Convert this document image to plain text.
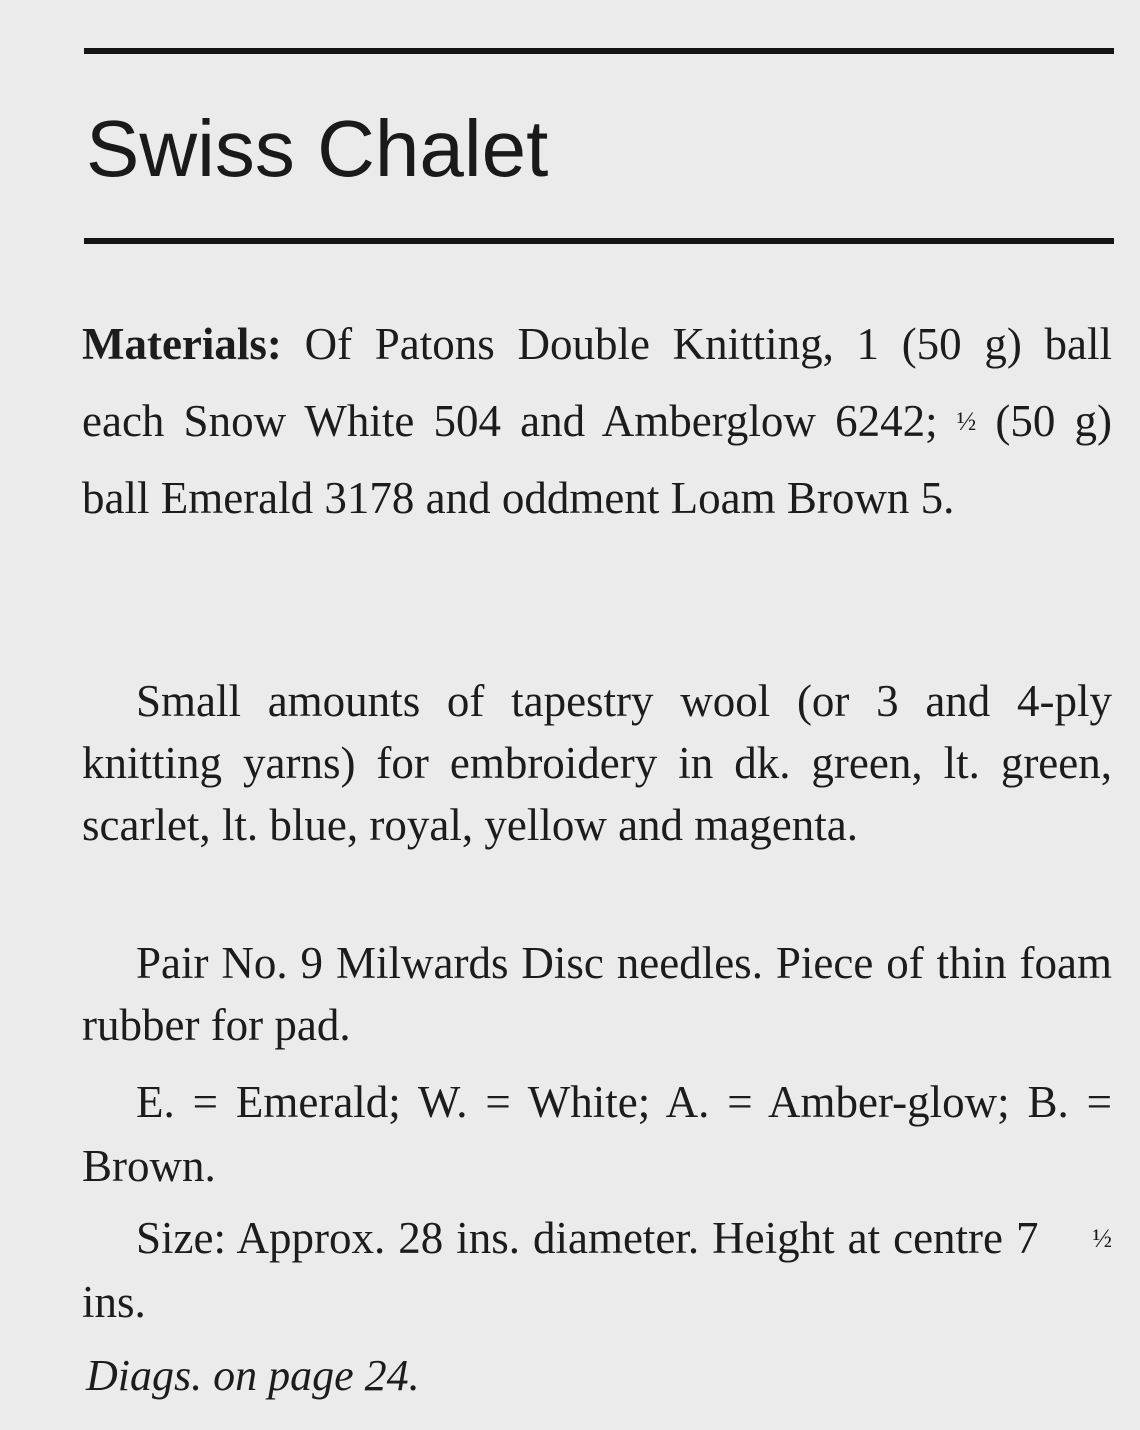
Swiss Chalet

Materials: Of Patons Double Knitting, 1 (50 g) ball each Snow White 504 and Amberglow 6242; ½ (50 g) ball Emerald 3178 and oddment Loam Brown 5.

Small amounts of tapestry wool (or 3 and 4-ply knitting yarns) for embroidery in dk. green, lt. green, scarlet, lt. blue, royal, yellow and magenta.

Pair No. 9 Milwards Disc needles. Piece of thin foam rubber for pad.

E. = Emerald; W. = White; A. = Amber-glow; B. = Brown.

Size: Approx. 28 ins. diameter. Height at centre 7 ½ ins.

Diags. on page 24.
